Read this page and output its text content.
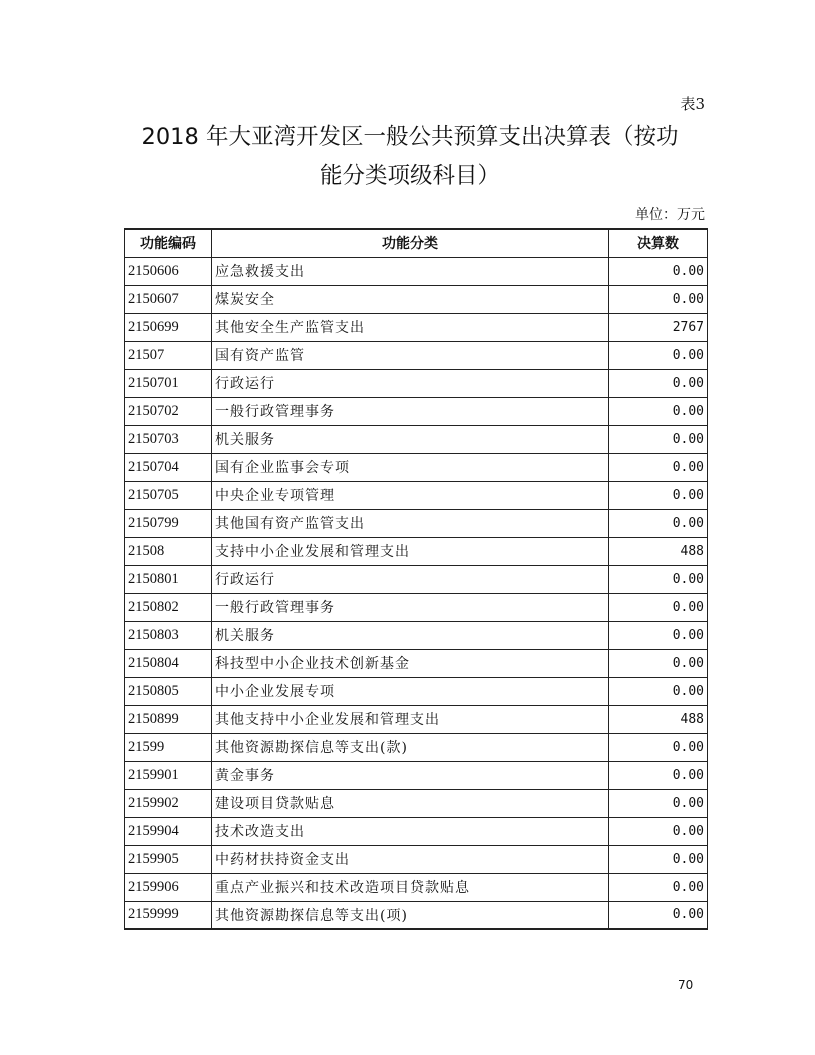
表3
2018 年大亚湾开发区一般公共预算支出决算表（按功
能分类项级科目）
单位：万元
功能编码	功能分类	决算数
2150606	应急救援支出	0.00
2150607	煤炭安全	0.00
2150699	其他安全生产监管支出	2767
21507	国有资产监管	0.00
2150701	行政运行	0.00
2150702	一般行政管理事务	0.00
2150703	机关服务	0.00
2150704	国有企业监事会专项	0.00
2150705	中央企业专项管理	0.00
2150799	其他国有资产监管支出	0.00
21508	支持中小企业发展和管理支出	488
2150801	行政运行	0.00
2150802	一般行政管理事务	0.00
2150803	机关服务	0.00
2150804	科技型中小企业技术创新基金	0.00
2150805	中小企业发展专项	0.00
2150899	其他支持中小企业发展和管理支出	488
21599	其他资源勘探信息等支出(款)	0.00
2159901	黄金事务	0.00
2159902	建设项目贷款贴息	0.00
2159904	技术改造支出	0.00
2159905	中药材扶持资金支出	0.00
2159906	重点产业振兴和技术改造项目贷款贴息	0.00
2159999	其他资源勘探信息等支出(项)	0.00
70
